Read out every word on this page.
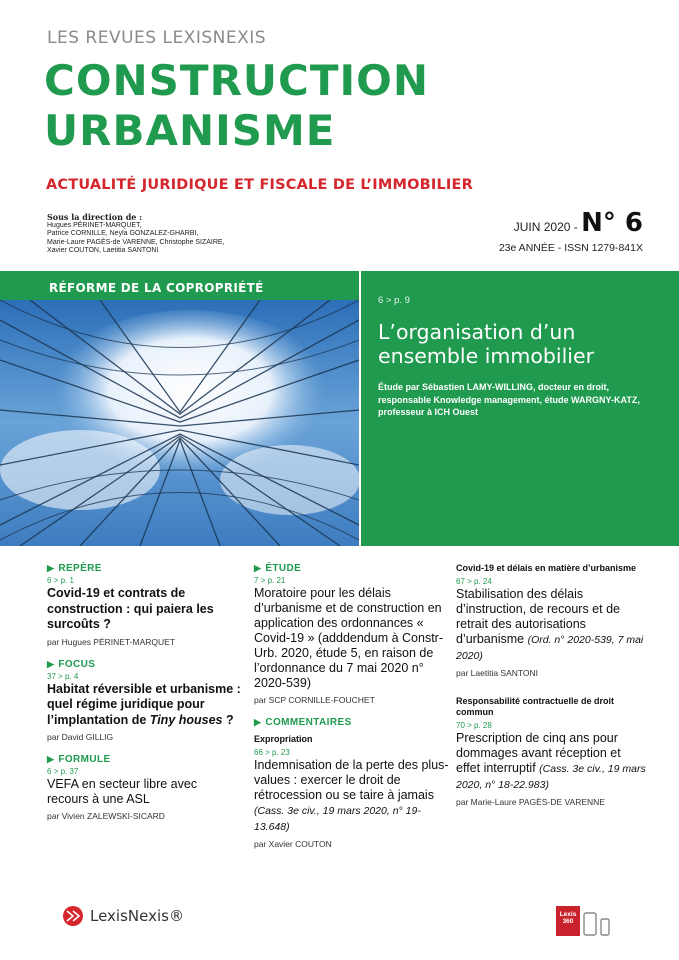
LES REVUES LEXISNEXIS
CONSTRUCTION
URBANISME
ACTUALITÉ JURIDIQUE ET FISCALE DE L’IMMOBILIER
Sous la direction de :
Hugues PÉRINET-MARQUET,
Patrice CORNILLE, Neyla GONZALEZ-GHARBI,
Marie-Laure PAGÈS-de VARENNE, Christophe SIZAIRE,
Xavier COUTON, Laetitia SANTONI
JUIN 2020 - N° 6
23e ANNÉE - ISSN 1279-841X
RÉFORME DE LA COPROPRIÉTÉ
6 > p. 9
L’organisation d’un ensemble immobilier
Étude par Sébastien LAMY-WILLING, docteur en droit, responsable Knowledge management, étude WARGNY-KATZ, professeur à ICH Ouest
▶ REPÈRE
6 > p. 1
Covid-19 et contrats de construction : qui paiera les surcoûts ?
par Hugues PÉRINET-MARQUET
▶ FOCUS
37 > p. 4
Habitat réversible et urbanisme : quel régime juridique pour l’implantation de Tiny houses ?
par David GILLIG
▶ FORMULE
6 > p. 37
VEFA en secteur libre avec recours à une ASL
par Vivien ZALEWSKI-SICARD
▶ ÉTUDE
7 > p. 21
Moratoire pour les délais d’urbanisme et de construction en application des ordonnances « Covid-19 » (adddendum à Constr-Urb. 2020, étude 5, en raison de l’ordonnance du 7 mai 2020 n° 2020-539)
par SCP CORNILLE-FOUCHET
▶ COMMENTAIRES
Expropriation
66 > p. 23
Indemnisation de la perte des plus-values : exercer le droit de rétrocession ou se taire à jamais (Cass. 3e civ., 19 mars 2020, n° 19-13.648)
par Xavier COUTON
Covid-19 et délais en matière d’urbanisme
67 > p. 24
Stabilisation des délais d’instruction, de recours et de retrait des autorisations d’urbanisme (Ord. n° 2020-539, 7 mai 2020)
par Laetitia SANTONI
Responsabilité contractuelle de droit commun
70 > p. 28
Prescription de cinq ans pour dommages avant réception et effet interruptif (Cass. 3e civ., 19 mars 2020, n° 18-22.983)
par Marie-Laure PAGÈS-DE VARENNE
LexisNexis®	Lexis 360
